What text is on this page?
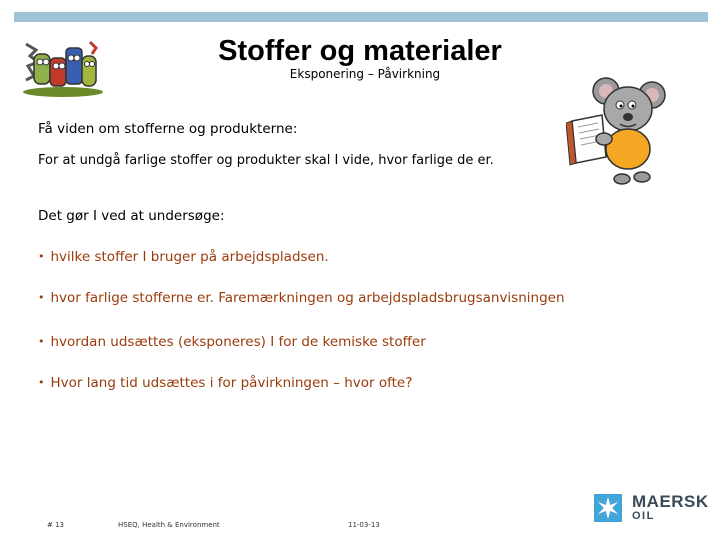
Stoffer og materialer
Eksponering – Påvirkning
Få viden om stofferne og produkterne:
For at undgå farlige stoffer og produkter skal I vide, hvor farlige de er.
Det gør I ved at undersøge:
• hvilke stoffer I bruger på arbejdspladsen.
• hvor farlige stofferne er. Faremærkningen og arbejdspladsbrugsanvisningen
• hvordan udsættes (eksponeres) I for de kemiske stoffer
• Hvor lang tid udsættes i for påvirkningen – hvor ofte?
# 13	HSEQ, Health & Environment	11-03-13
MAERSK
OIL
